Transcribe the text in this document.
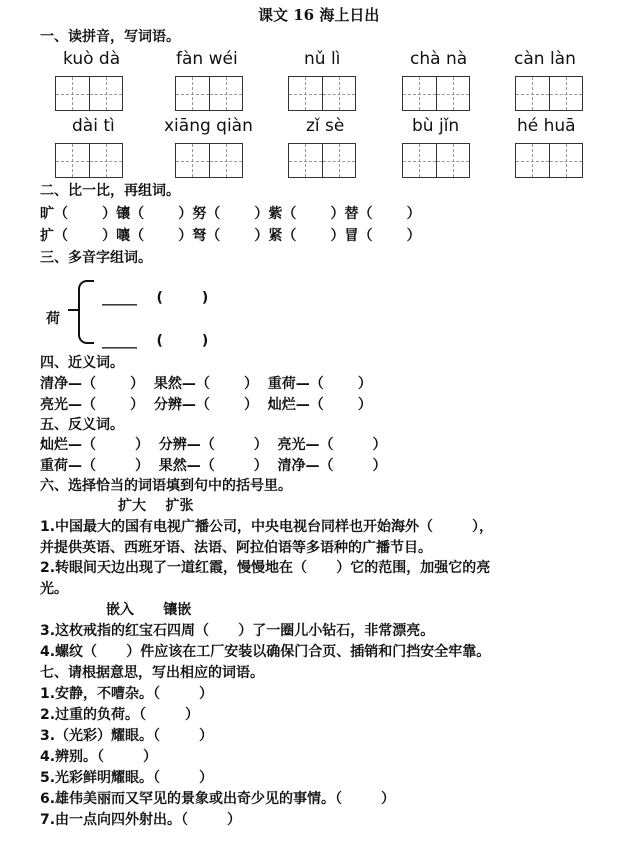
课文 16 海上日出
一、读拼音，写词语。
kuò dà	fàn wéi	nǔ lì	chà nà	càn làn
dài tì	xiāng qiàn	zǐ sè	bù jǐn	hé huā
二、比一比，再组词。
旷（       ）镶（       ）努（       ）紫（       ）替（       ）
扩（       ）嚷（       ）弩（       ）紧（       ）冒（       ）
三、多音字组词。
荷
_____    (        )
_____    (        )
四、近义词。
清净—（       ）  果然—（       ）  重荷—（       ）
亮光—（       ）  分辨—（       ）  灿烂—（       ）
五、反义词。
灿烂—（        ）  分辨—（        ）  亮光—（        ）
重荷—（        ）  果然—（        ）  清净—（        ）
六、选择恰当的词语填到句中的括号里。
扩大    扩张
1.中国最大的国有电视广播公司，中央电视台同样也开始海外（        ），
并提供英语、西班牙语、法语、阿拉伯语等多语种的广播节目。
2.转眼间天边出现了一道红霞，慢慢地在（      ）它的范围，加强它的亮
光。
嵌入      镶嵌
3.这枚戒指的红宝石四周（      ）了一圈儿小钻石，非常漂亮。
4.螺纹（      ）件应该在工厂安装以确保门合页、插销和门挡安全牢靠。
七、请根据意思，写出相应的词语。
1.安静，不嘈杂。（        ）
2.过重的负荷。（        ）
3.（光彩）耀眼。（        ）
4.辨别。（        ）
5.光彩鲜明耀眼。（        ）
6.雄伟美丽而又罕见的景象或出奇少见的事情。（        ）
7.由一点向四外射出。（        ）
